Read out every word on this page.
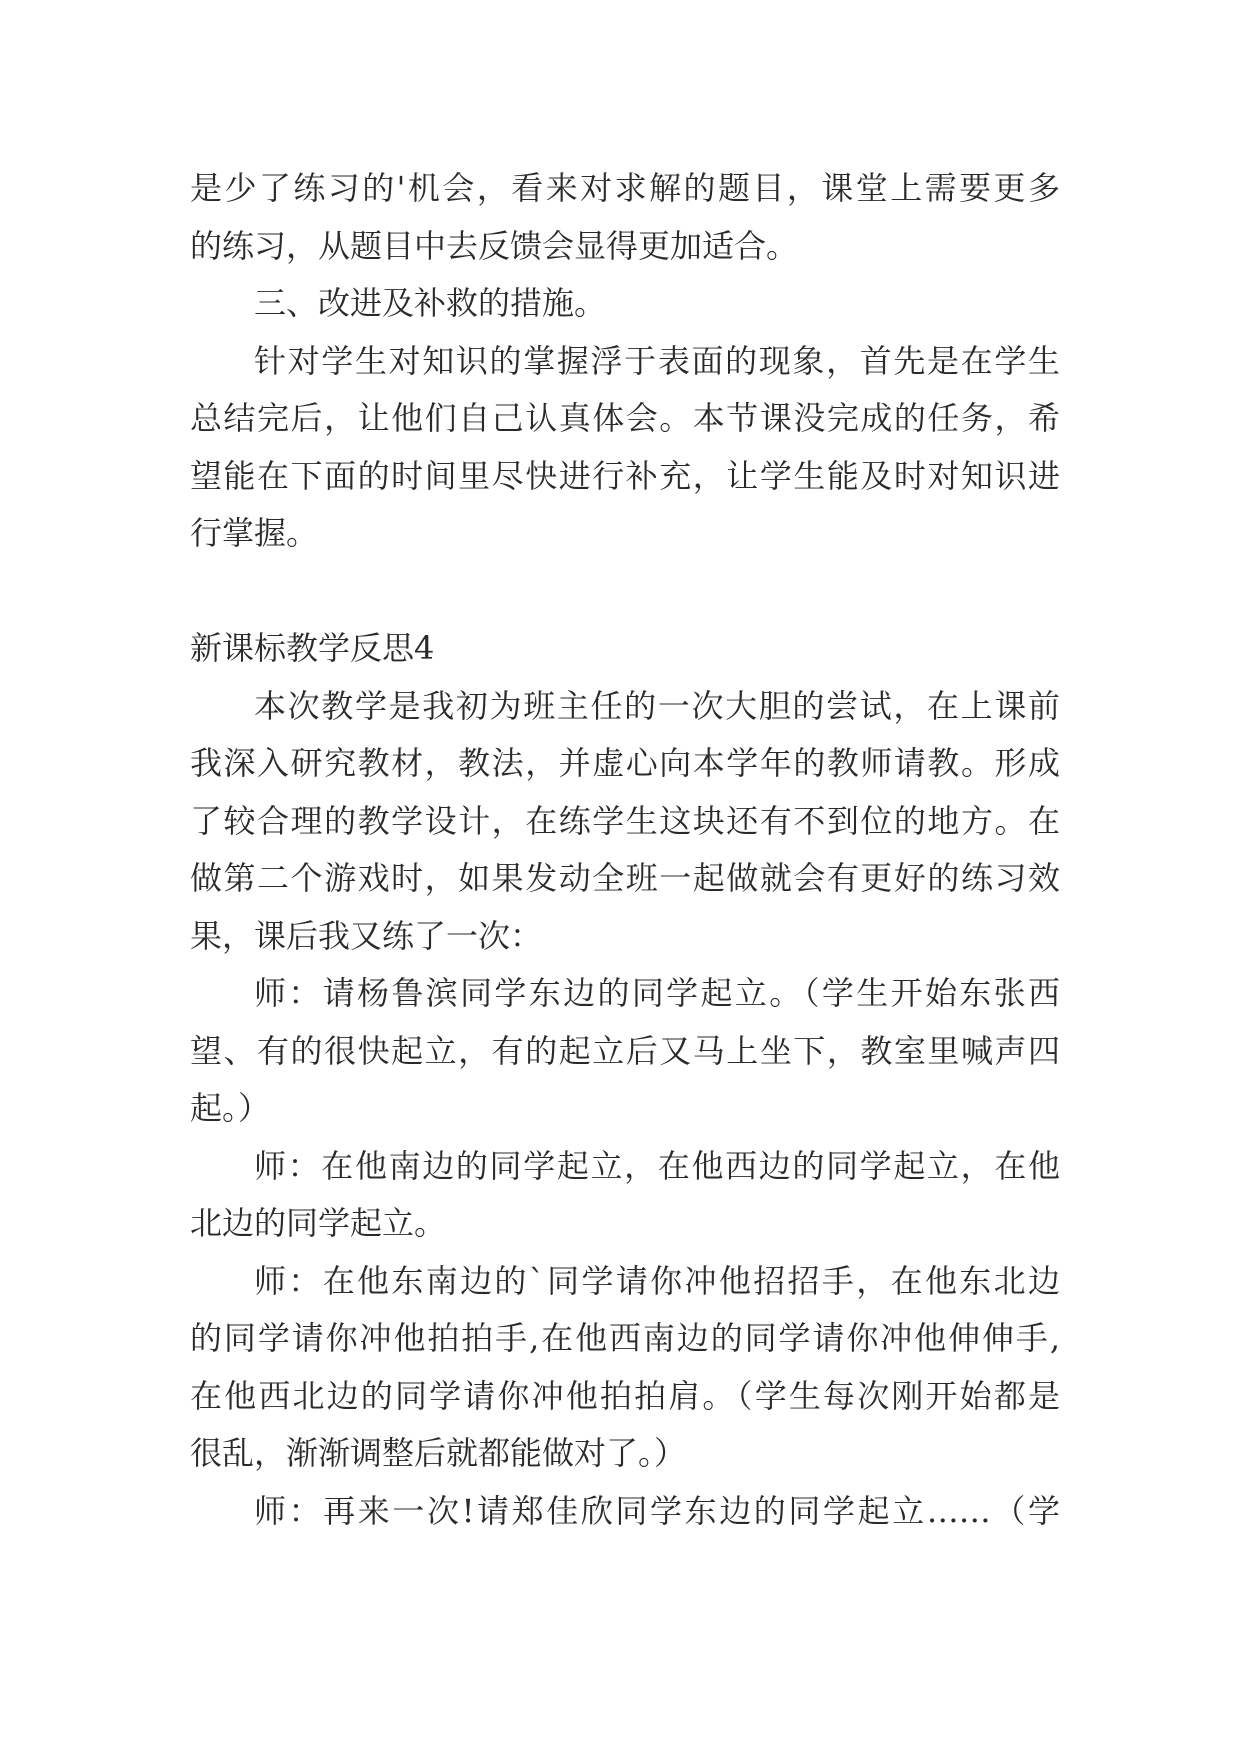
是少了练习的'机会，看来对求解的题目，课堂上需要更多
的练习，从题目中去反馈会显得更加适合。
三、改进及补救的措施。
针对学生对知识的掌握浮于表面的现象，首先是在学生
总结完后，让他们自己认真体会。本节课没完成的任务，希
望能在下面的时间里尽快进行补充，让学生能及时对知识进
行掌握。
新课标教学反思4
本次教学是我初为班主任的一次大胆的尝试，在上课前
我深入研究教材，教法，并虚心向本学年的教师请教。形成
了较合理的教学设计，在练学生这块还有不到位的地方。在
做第二个游戏时，如果发动全班一起做就会有更好的练习效
果，课后我又练了一次：
师：请杨鲁滨同学东边的同学起立。（学生开始东张西
望、有的很快起立，有的起立后又马上坐下，教室里喊声四
起。）
师：在他南边的同学起立，在他西边的同学起立，在他
北边的同学起立。
师：在他东南边的`同学请你冲他招招手，在他东北边
的同学请你冲他拍拍手,在他西南边的同学请你冲他伸伸手,
在他西北边的同学请你冲他拍拍肩。（学生每次刚开始都是
很乱，渐渐调整后就都能做对了。）
师：再来一次!请郑佳欣同学东边的同学起立……（学
